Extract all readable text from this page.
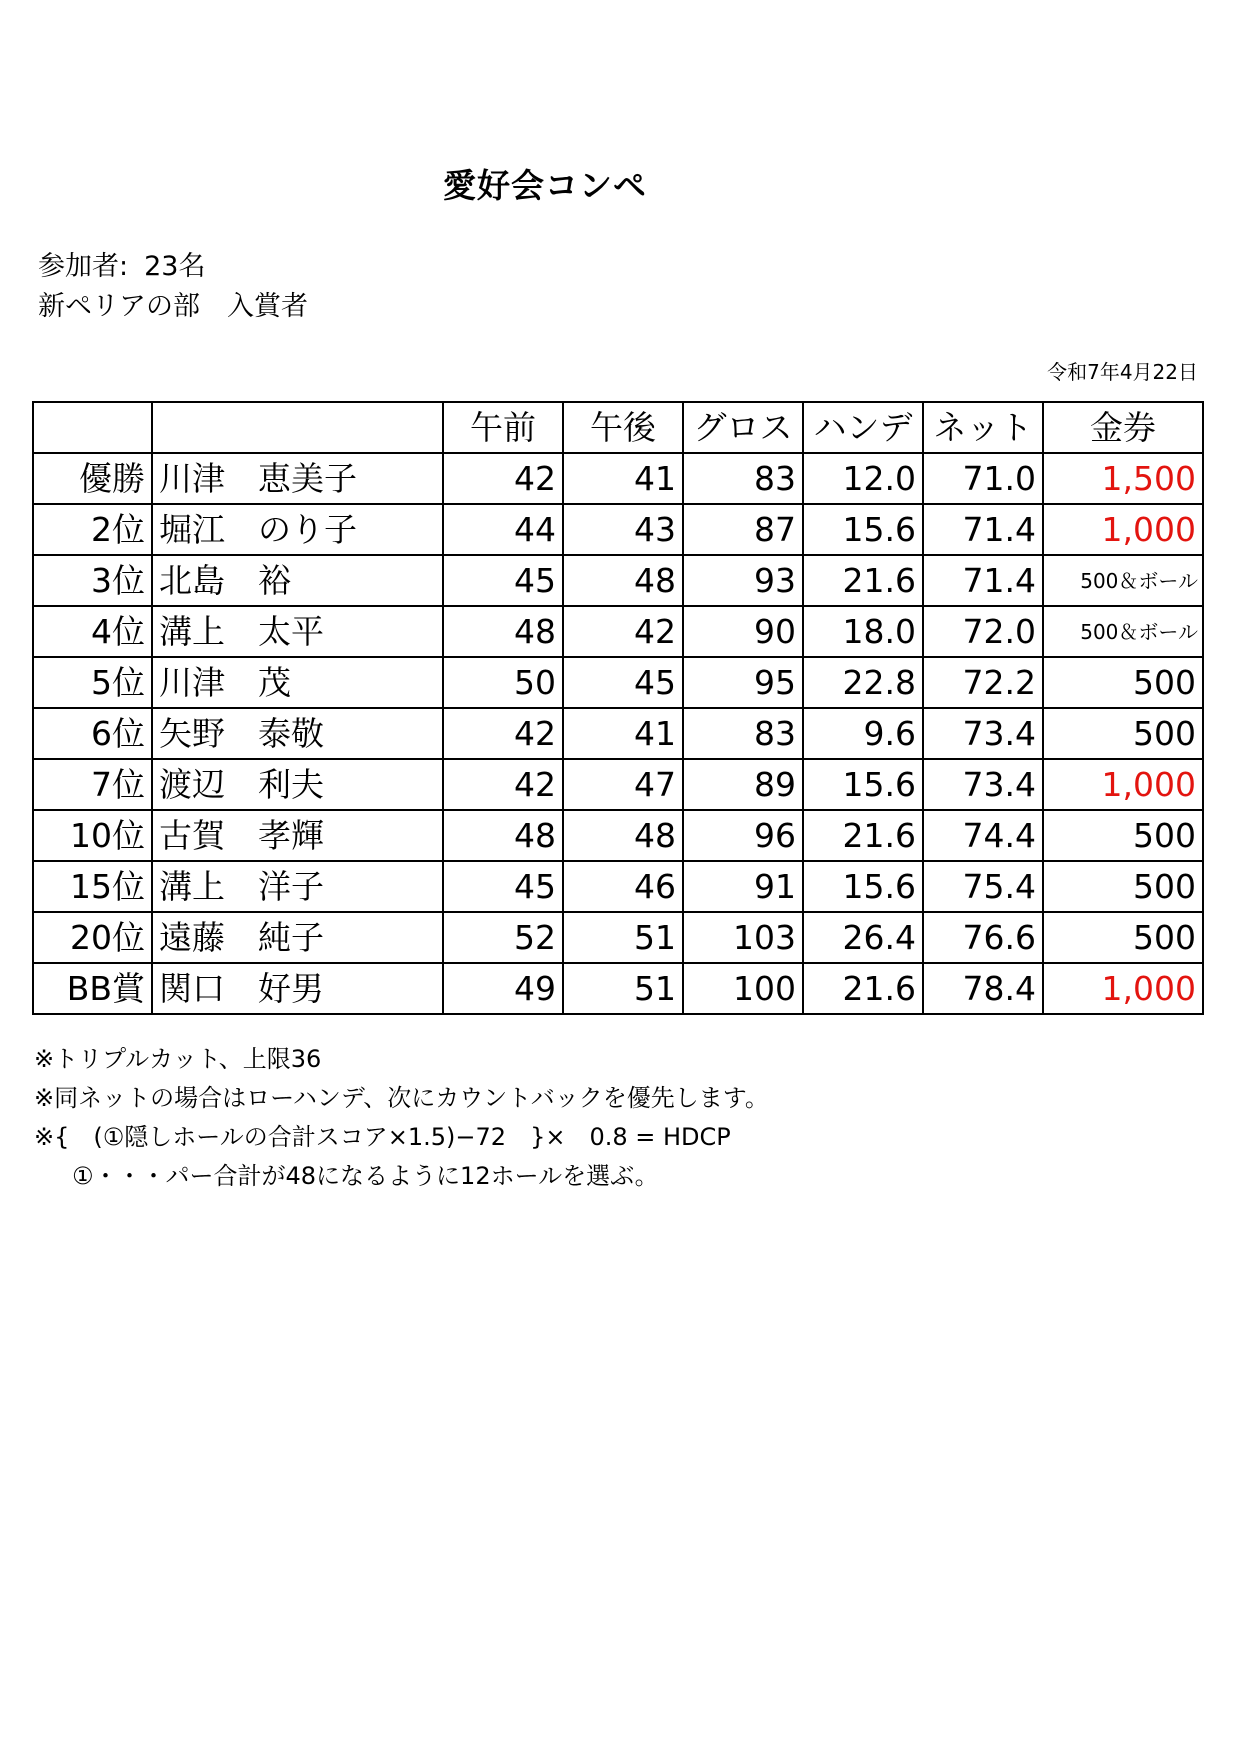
愛好会コンペ
参加者: 23名
新ペリアの部　入賞者
令和7年4月22日
		午前	午後	グロス	ハンデ	ネット	金券
優勝	川津　恵美子	42	41	83	12.0	71.0	1,500
2位	堀江　のり子	44	43	87	15.6	71.4	1,000
3位	北島　裕	45	48	93	21.6	71.4	500＆ボール
4位	溝上　太平	48	42	90	18.0	72.0	500＆ボール
5位	川津　茂	50	45	95	22.8	72.2	500
6位	矢野　泰敬	42	41	83	9.6	73.4	500
7位	渡辺　利夫	42	47	89	15.6	73.4	1,000
10位	古賀　孝輝	48	48	96	21.6	74.4	500
15位	溝上　洋子	45	46	91	15.6	75.4	500
20位	遠藤　純子	52	51	103	26.4	76.6	500
BB賞	関口　好男	49	51	100	21.6	78.4	1,000
※トリプルカット、上限36
※同ネットの場合はローハンデ、次にカウントバックを優先します。
※{　(①隠しホールの合計スコア×1.5)−72　}×　0.8 = HDCP
①・・・パー合計が48になるように12ホールを選ぶ。
